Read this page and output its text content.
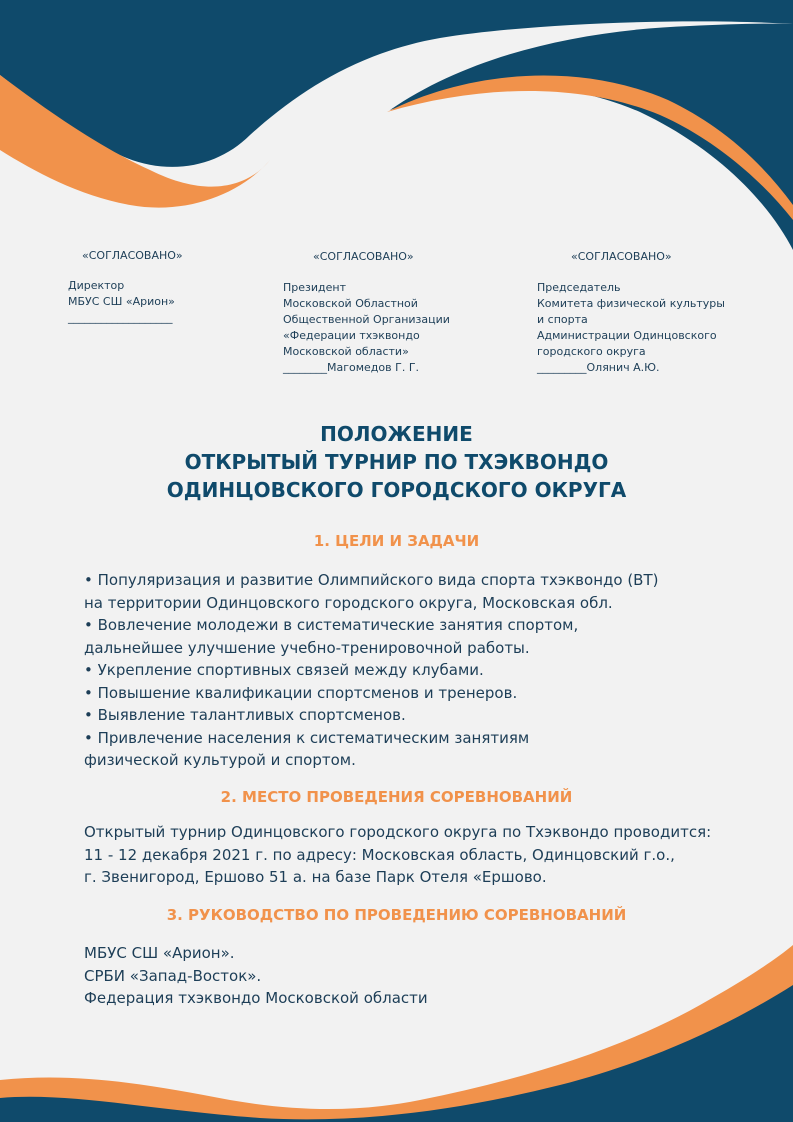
«СОГЛАСОВАНО»
Директор
МБУС СШ «Арион»
___________________
«СОГЛАСОВАНО»
Президент
Московской Областной
Общественной Организации
«Федерации тхэквондо
Московской области»
________Магомедов Г. Г.
«СОГЛАСОВАНО»
Председатель
Комитета физической культуры
и спорта
Администрации Одинцовского
городского округа
_________Олянич А.Ю.
ПОЛОЖЕНИЕ
ОТКРЫТЫЙ ТУРНИР ПО ТХЭКВОНДО
ОДИНЦОВСКОГО ГОРОДСКОГО ОКРУГА
1. ЦЕЛИ И ЗАДАЧИ
• Популяризация и развитие Олимпийского вида спорта тхэквондо (ВТ)
на территории Одинцовского городского округа, Московская обл.
• Вовлечение молодежи в систематические занятия спортом,
дальнейшее улучшение учебно-тренировочной работы.
• Укрепление спортивных связей между клубами.
• Повышение квалификации спортсменов и тренеров.
• Выявление талантливых спортсменов.
• Привлечение населения к систематическим занятиям
физической культурой и спортом.
2. МЕСТО ПРОВЕДЕНИЯ СОРЕВНОВАНИЙ
Открытый турнир Одинцовского городского округа по Тхэквондо проводится:
11 - 12 декабря 2021 г. по адресу: Московская область, Одинцовский г.о.,
г. Звенигород, Ершово 51 а. на базе Парк Отеля «Ершово.
3. РУКОВОДСТВО ПО ПРОВЕДЕНИЮ СОРЕВНОВАНИЙ
МБУС СШ «Арион».
СРБИ «Запад-Восток».
Федерация тхэквондо Московской области
